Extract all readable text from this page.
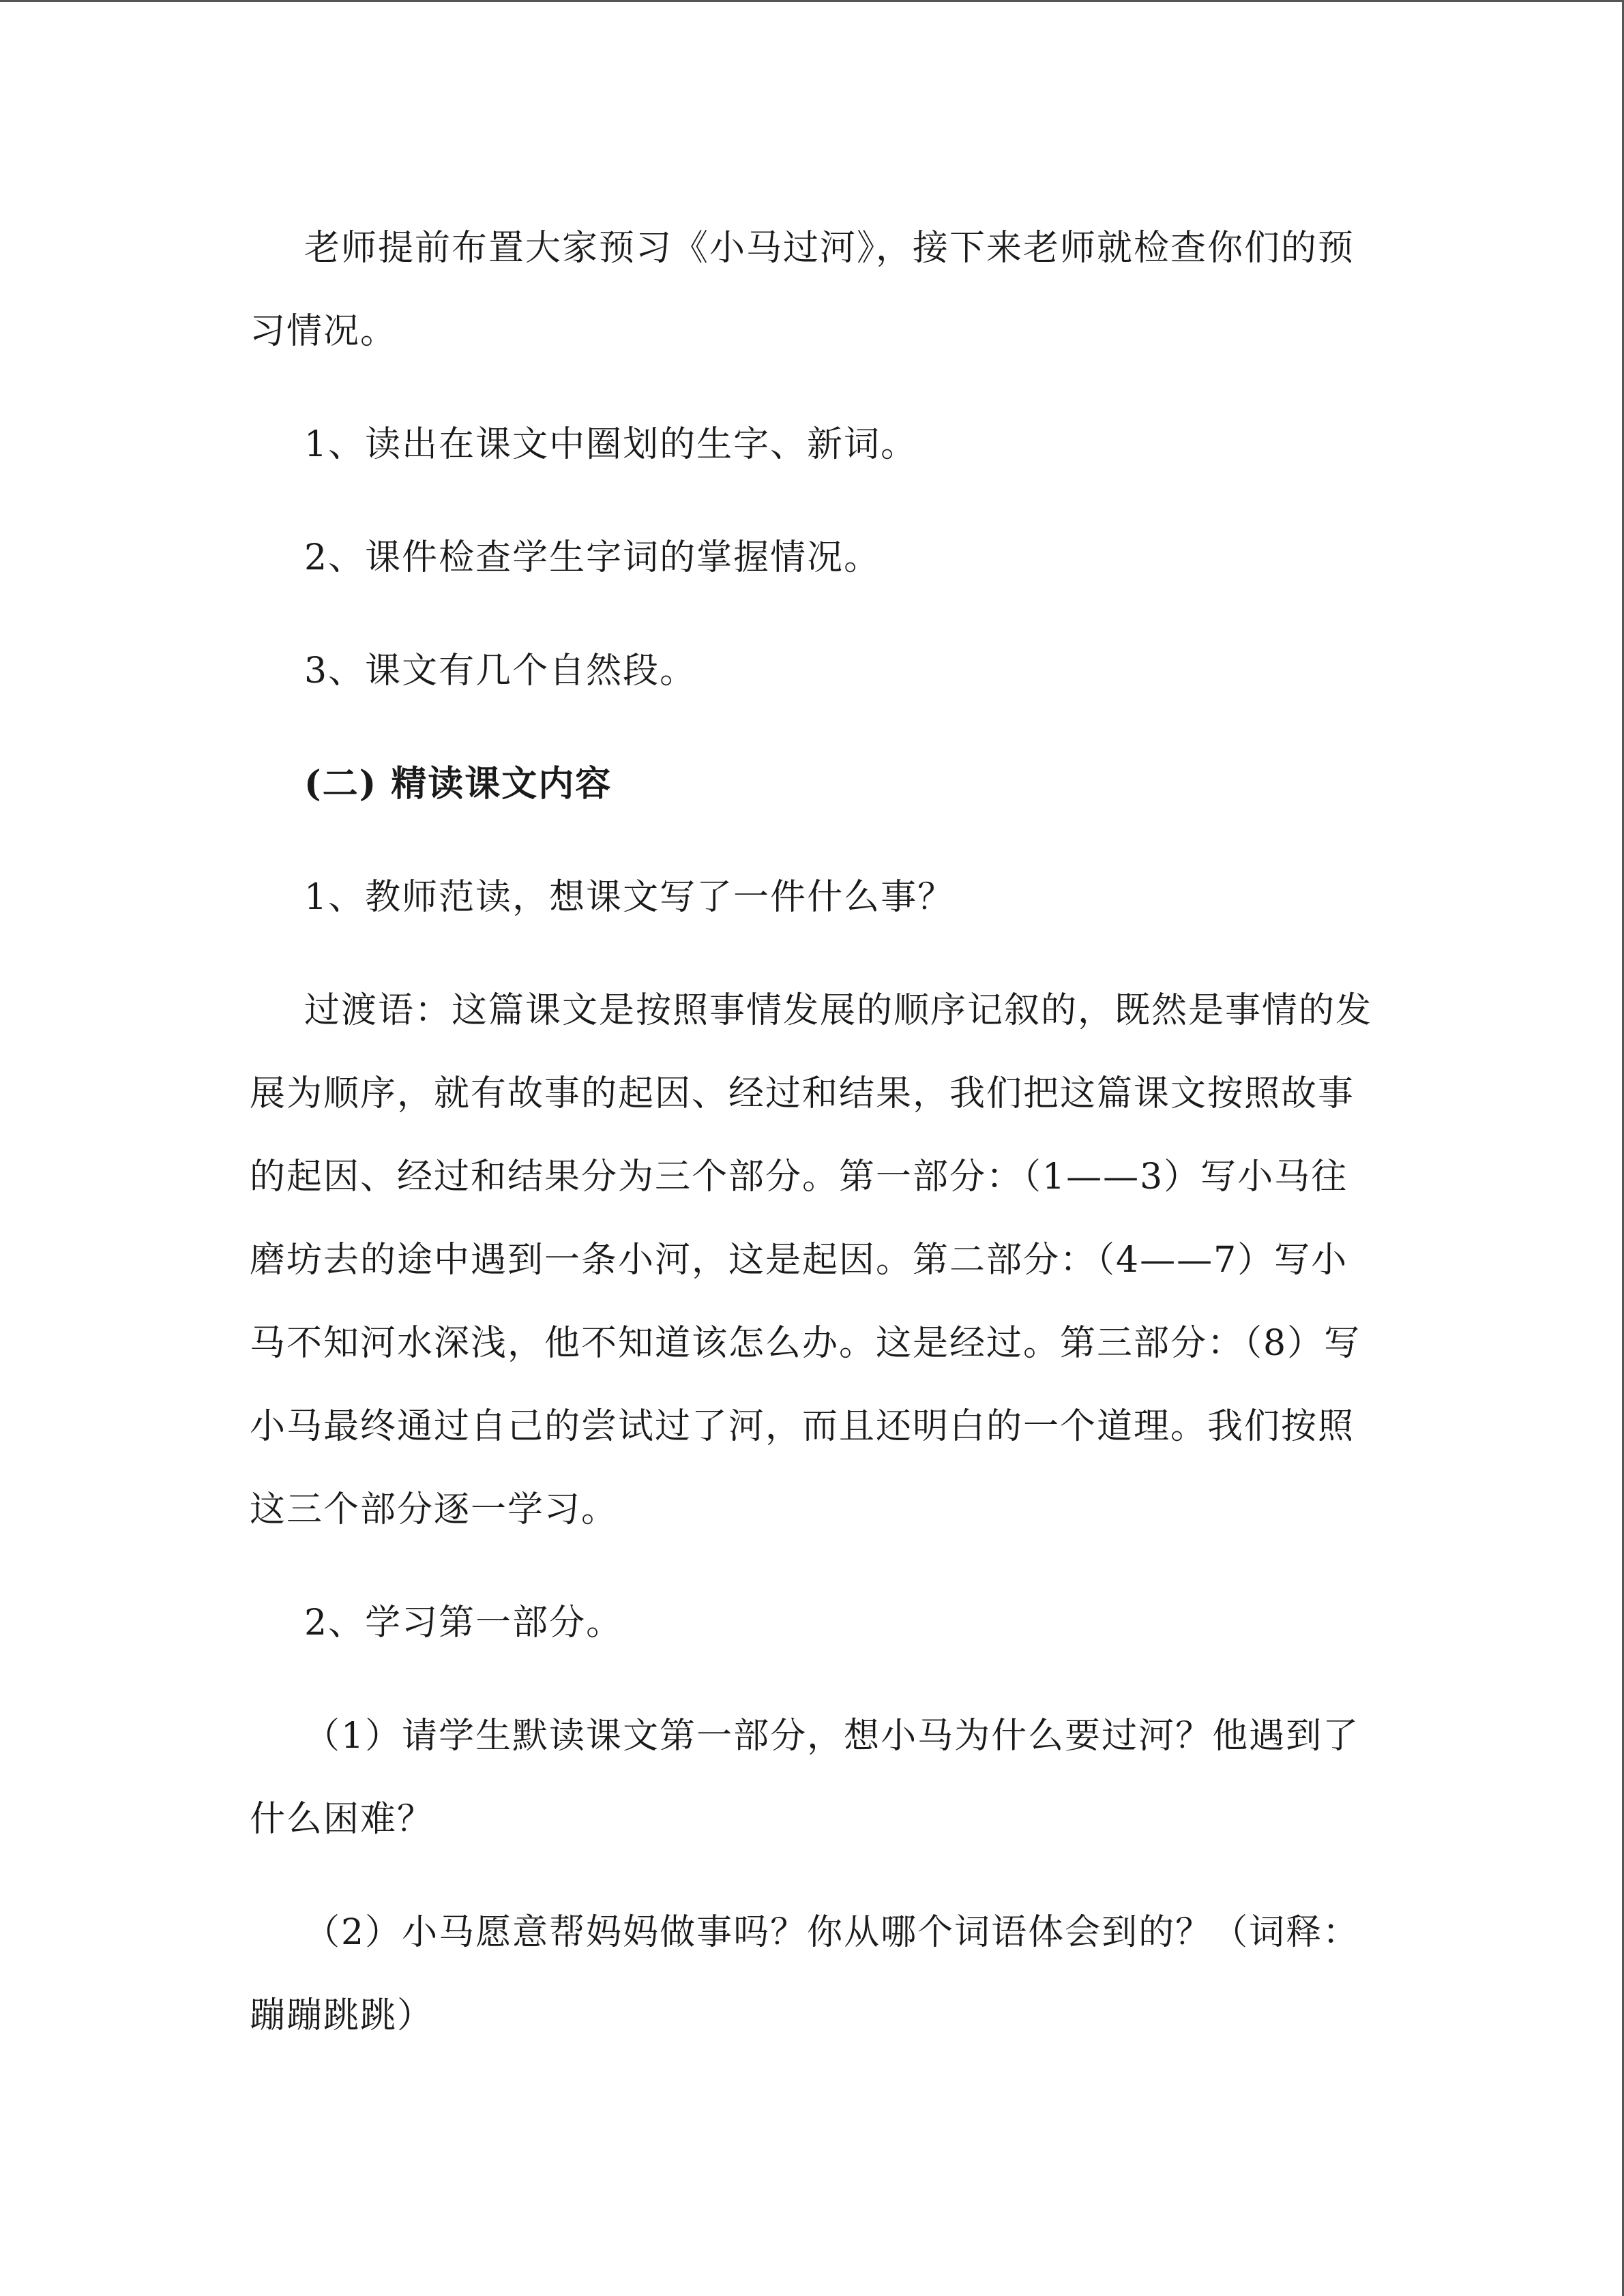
老师提前布置大家预习《小马过河》，接下来老师就检查你们的预习情况。

1、读出在课文中圈划的生字、新词。

2、课件检查学生字词的掌握情况。

3、课文有几个自然段。

(二) 精读课文内容

1、教师范读，想课文写了一件什么事？

过渡语：这篇课文是按照事情发展的顺序记叙的，既然是事情的发展为顺序，就有故事的起因、经过和结果，我们把这篇课文按照故事的起因、经过和结果分为三个部分。第一部分：（1——3）写小马往磨坊去的途中遇到一条小河，这是起因。第二部分：（4——7）写小马不知河水深浅，他不知道该怎么办。这是经过。第三部分：（8）写小马最终通过自己的尝试过了河，而且还明白的一个道理。我们按照这三个部分逐一学习。

2、学习第一部分。

（1）请学生默读课文第一部分，想小马为什么要过河？他遇到了什么困难？

（2）小马愿意帮妈妈做事吗？你从哪个词语体会到的？（词释：蹦蹦跳跳）
